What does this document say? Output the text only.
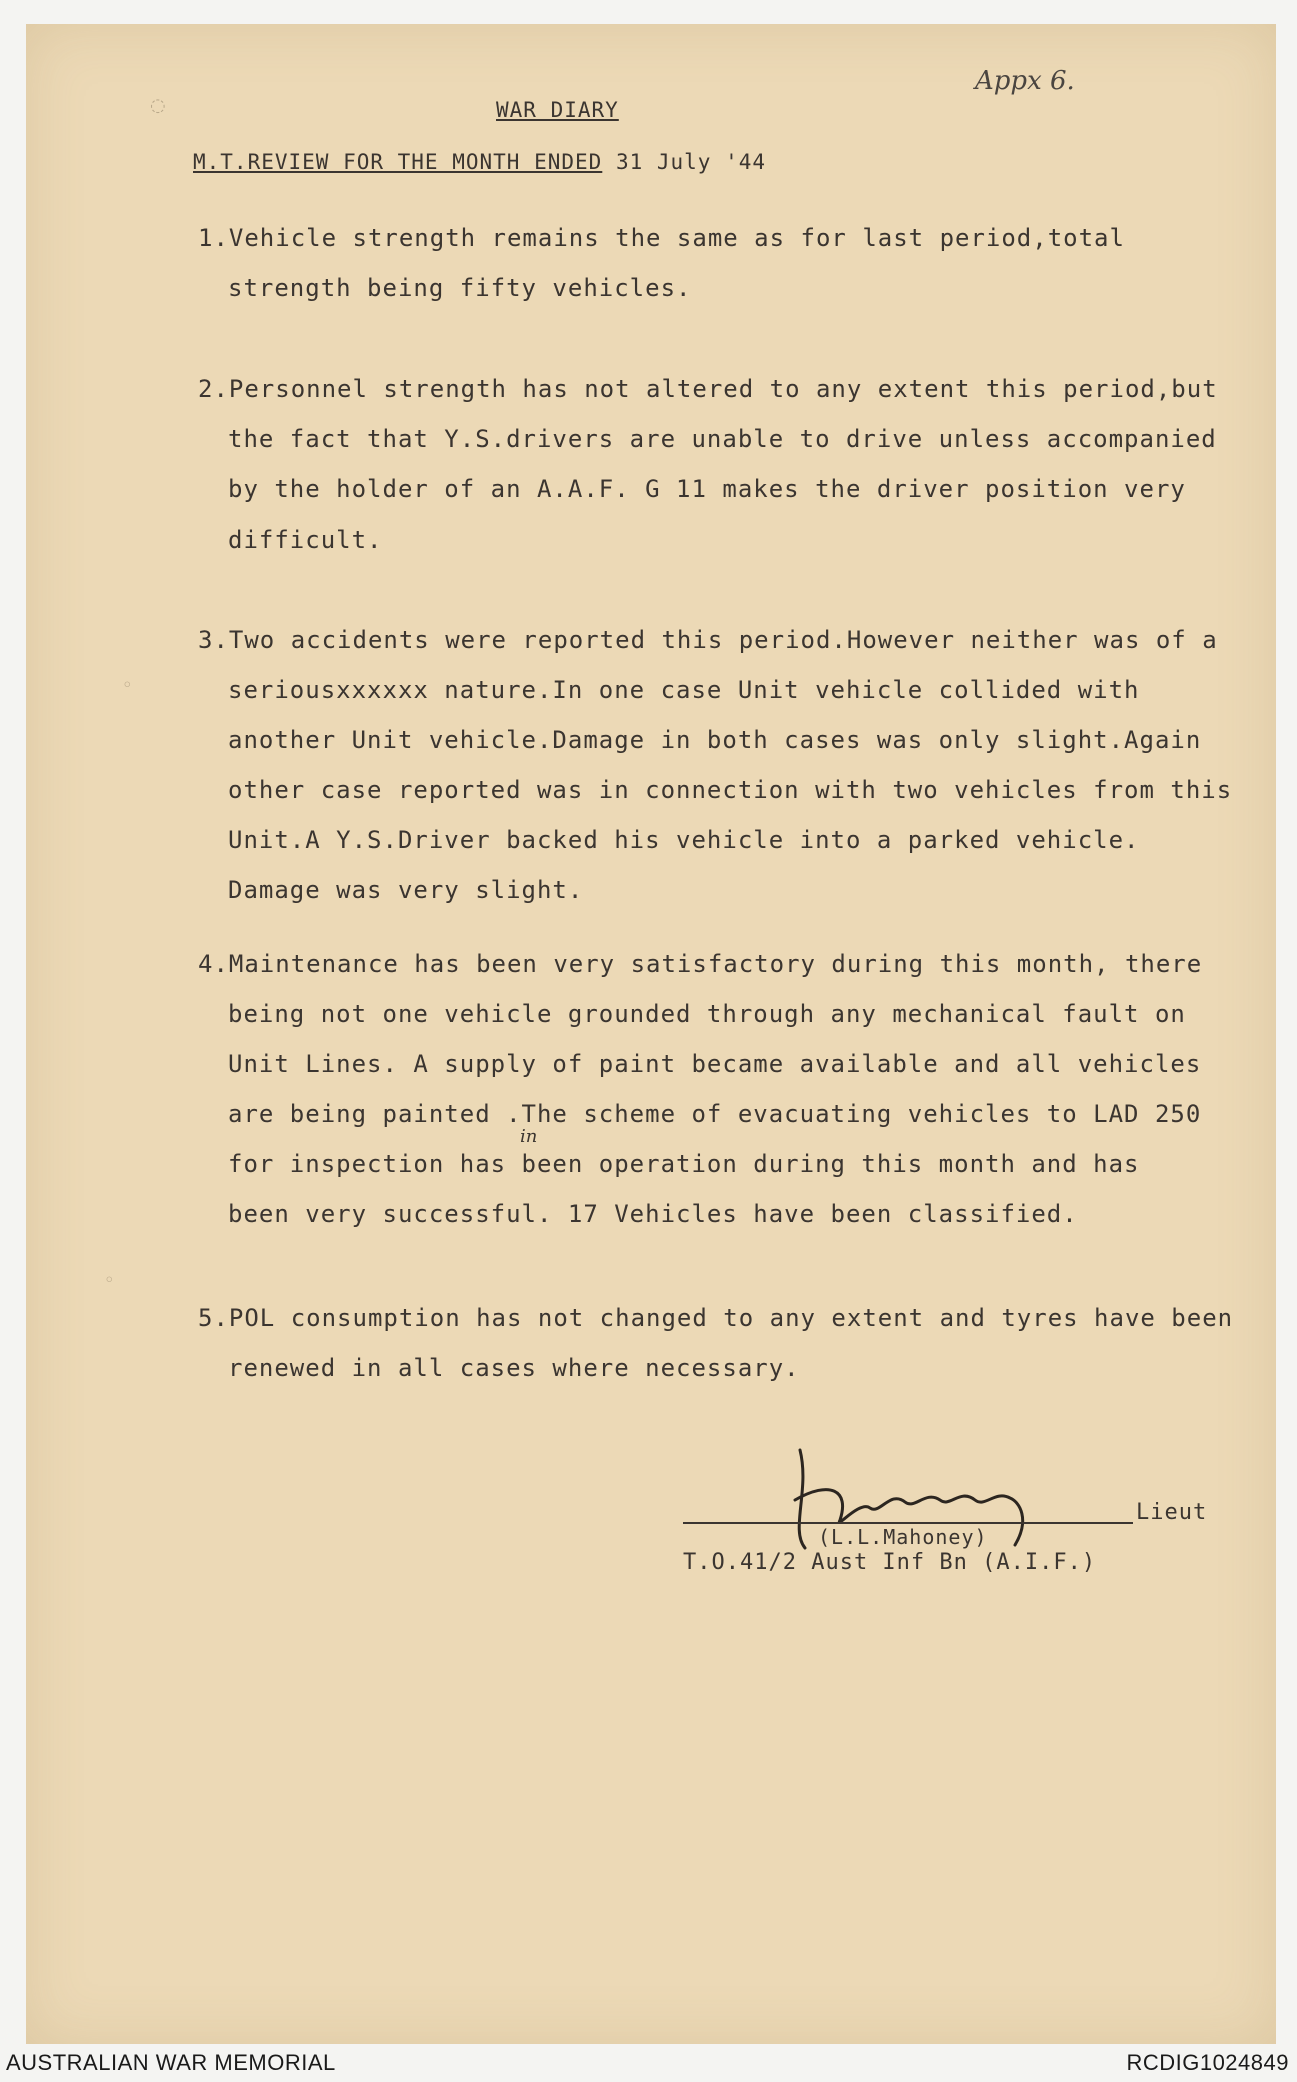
◌
◦
◦
Appx 6.
WAR DIARY
M.T.REVIEW FOR THE MONTH ENDED 31 July '44
1.Vehicle strength remains the same as for last period,total
strength being fifty vehicles.
2.Personnel strength has not altered to any extent this period,but
the fact that Y.S.drivers are unable to drive unless accompanied
by the holder of an A.A.F. G 11 makes the driver position very
difficult.
3.Two accidents were reported this period.However neither was of a
seriousxxxxxx nature.In one case Unit vehicle collided with
another Unit vehicle.Damage in both cases was only slight.Again
other case reported was in connection with two vehicles from this
Unit.A Y.S.Driver backed his vehicle into a parked vehicle.
Damage was very slight.
4.Maintenance has been very satisfactory during this month, there
being not one vehicle grounded through any mechanical fault on
Unit Lines. A supply of paint became available and all vehicles
are being painted .The scheme of evacuating vehicles to LAD 250
for inspection has been operation during this month and has
been very successful. 17 Vehicles have been classified.
in
5.POL consumption has not changed to any extent and tyres have been
renewed in all cases where necessary.
Lieut
(L.L.Mahoney)
T.O.41/2 Aust Inf Bn (A.I.F.)
AUSTRALIAN WAR MEMORIAL	RCDIG1024849
